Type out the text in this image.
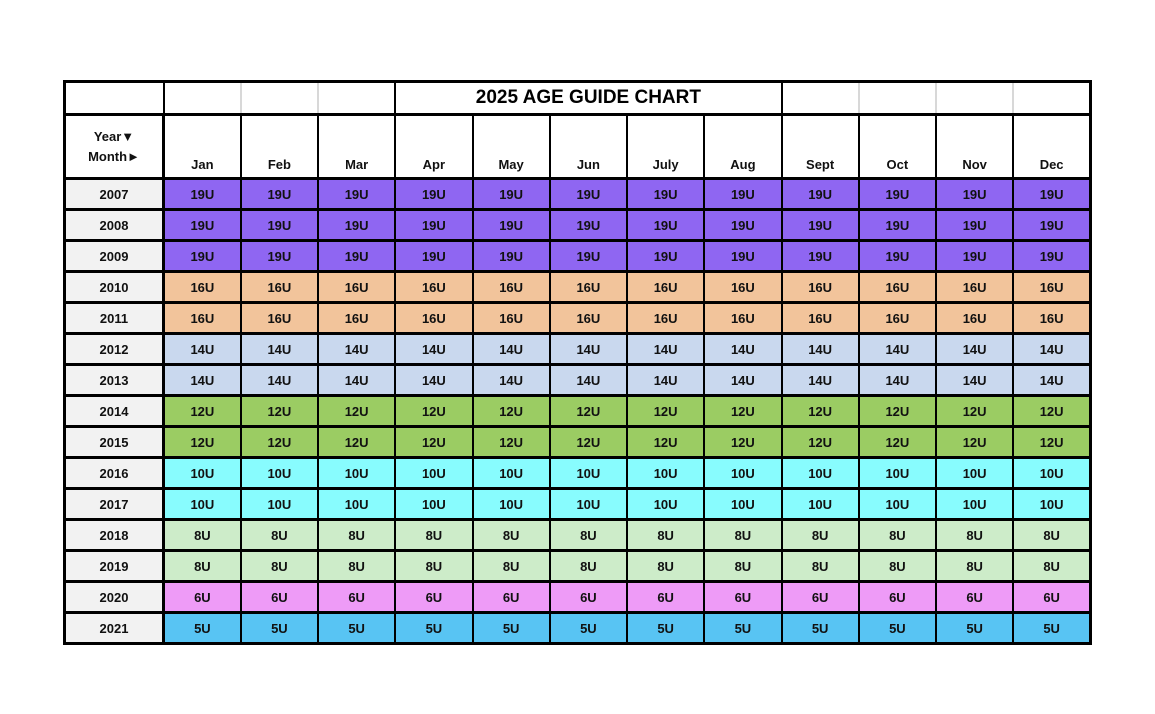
				2025 AGE GUIDE CHART								

Year▼
Month►	Jan	Feb	Mar	Apr	May	Jun	July	Aug	Sept	Oct	Nov	Dec
2007	19U	19U	19U	19U	19U	19U	19U	19U	19U	19U	19U	19U
2008	19U	19U	19U	19U	19U	19U	19U	19U	19U	19U	19U	19U
2009	19U	19U	19U	19U	19U	19U	19U	19U	19U	19U	19U	19U
2010	16U	16U	16U	16U	16U	16U	16U	16U	16U	16U	16U	16U
2011	16U	16U	16U	16U	16U	16U	16U	16U	16U	16U	16U	16U
2012	14U	14U	14U	14U	14U	14U	14U	14U	14U	14U	14U	14U
2013	14U	14U	14U	14U	14U	14U	14U	14U	14U	14U	14U	14U
2014	12U	12U	12U	12U	12U	12U	12U	12U	12U	12U	12U	12U
2015	12U	12U	12U	12U	12U	12U	12U	12U	12U	12U	12U	12U
2016	10U	10U	10U	10U	10U	10U	10U	10U	10U	10U	10U	10U
2017	10U	10U	10U	10U	10U	10U	10U	10U	10U	10U	10U	10U
2018	8U	8U	8U	8U	8U	8U	8U	8U	8U	8U	8U	8U
2019	8U	8U	8U	8U	8U	8U	8U	8U	8U	8U	8U	8U
2020	6U	6U	6U	6U	6U	6U	6U	6U	6U	6U	6U	6U
2021	5U	5U	5U	5U	5U	5U	5U	5U	5U	5U	5U	5U
